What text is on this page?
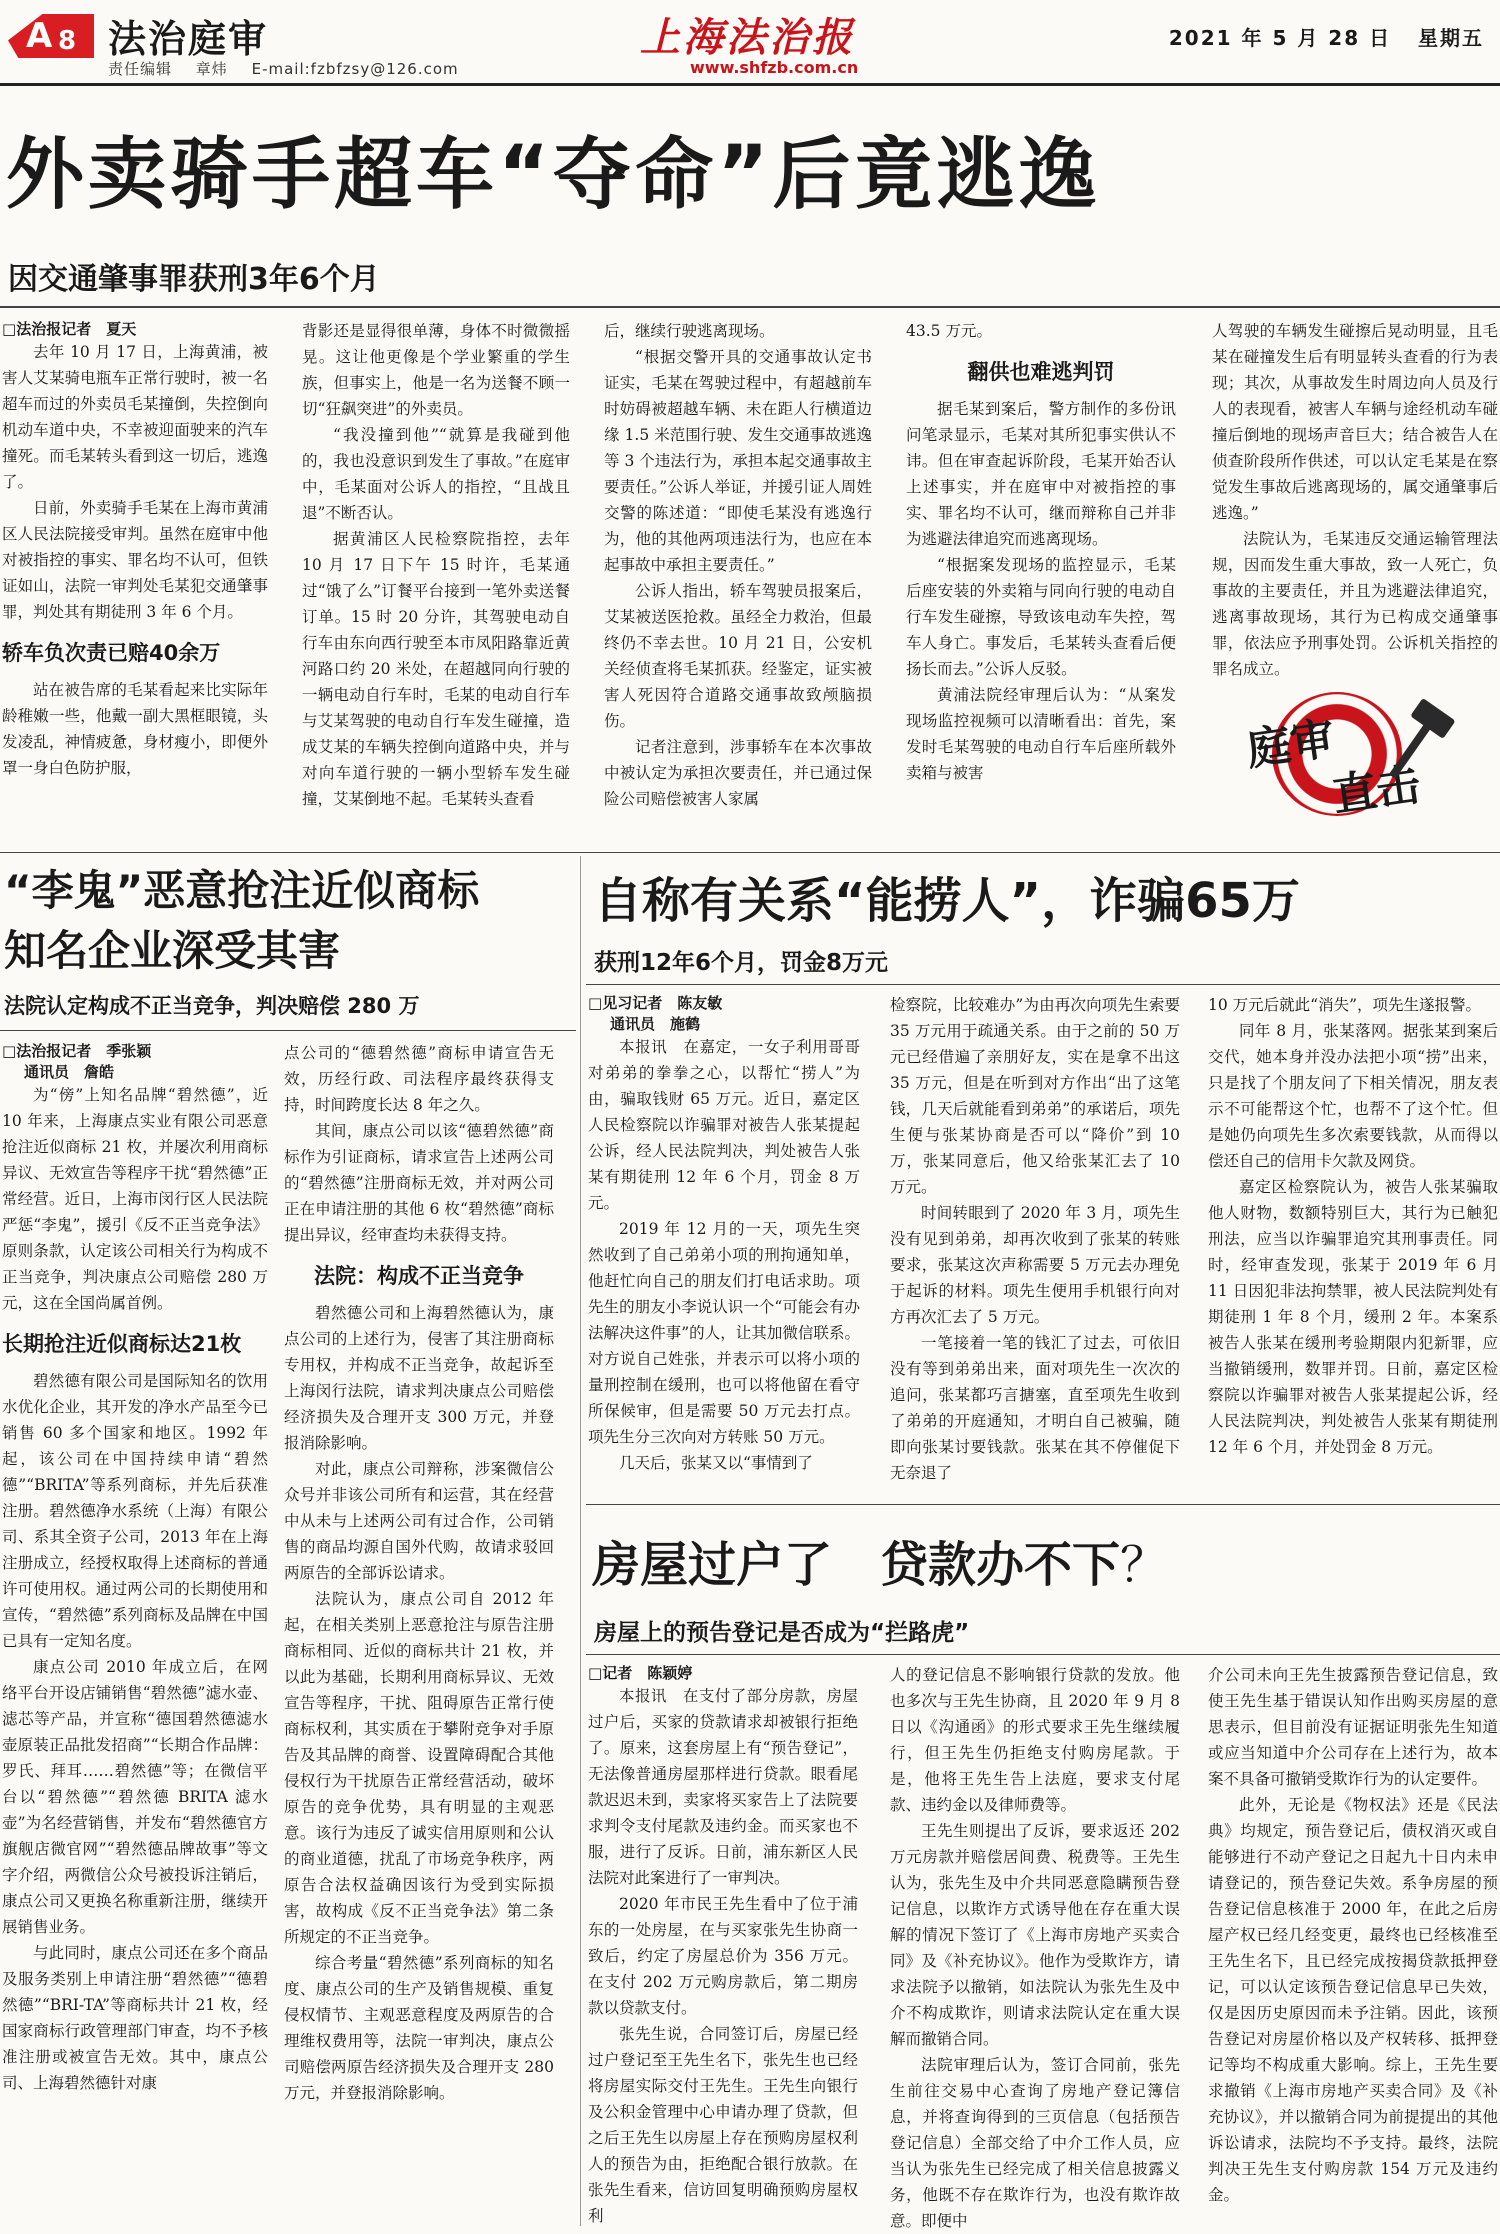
A 8 法治庭审
责任编辑 章炜 E-mail:fzbfzsy@126.com
上海法治报
www.shfzb.com.cn
2021 年 5 月 28 日 星期五
外卖骑手超车“夺命”后竟逃逸
因交通肇事罪获刑3年6个月

□ 法治报记者　夏天

去年 10 月 17 日，上海黄浦，被害人艾某骑电瓶车正常行驶时，被一名超车而过的外卖员毛某撞倒，失控倒向机动车道中央，不幸被迎面驶来的汽车撞死。而毛某转头看到这一切后，逃逸了。

日前，外卖骑手毛某在上海市黄浦区人民法院接受审判。虽然在庭审中他对被指控的事实、罪名均不认可，但铁证如山，法院一审判处毛某犯交通肇事罪，判处其有期徒刑 3 年 6 个月。

轿车负次责已赔40余万

站在被告席的毛某看起来比实际年龄稚嫩一些，他戴一副大黑框眼镜，头发凌乱，神情疲惫，身材瘦小，即便外罩一身白色防护服，

背影还是显得很单薄，身体不时微微摇晃。这让他更像是个学业繁重的学生族，但事实上，他是一名为送餐不顾一切“狂飙突进”的外卖员。

“我没撞到他”“就算是我碰到他的，我也没意识到发生了事故。”在庭审中，毛某面对公诉人的指控，“且战且退”不断否认。

据黄浦区人民检察院指控，去年 10 月 17 日下午 15 时许，毛某通过“饿了么”订餐平台接到一笔外卖送餐订单。15 时 20 分许，其驾驶电动自行车由东向西行驶至本市凤阳路靠近黄河路口约 20 米处，在超越同向行驶的一辆电动自行车时，毛某的电动自行车与艾某驾驶的电动自行车发生碰撞，造成艾某的车辆失控倒向道路中央，并与对向车道行驶的一辆小型轿车发生碰撞，艾某倒地不起。毛某转头查看

后，继续行驶逃离现场。

“根据交警开具的交通事故认定书证实，毛某在驾驶过程中，有超越前车时妨碍被超越车辆、未在距人行横道边缘 1.5 米范围行驶、发生交通事故逃逸等 3 个违法行为，承担本起交通事故主要责任。”公诉人举证，并援引证人周姓交警的陈述道：“即使毛某没有逃逸行为，他的其他两项违法行为，也应在本起事故中承担主要责任。”

公诉人指出，轿车驾驶员报案后，艾某被送医抢救。虽经全力救治，但最终仍不幸去世。10 月 21 日，公安机关经侦查将毛某抓获。经鉴定，证实被害人死因符合道路交通事故致颅脑损伤。

记者注意到，涉事轿车在本次事故中被认定为承担次要责任，并已通过保险公司赔偿被害人家属

43.5 万元。

翻供也难逃判罚

据毛某到案后，警方制作的多份讯问笔录显示，毛某对其所犯事实供认不讳。但在审查起诉阶段，毛某开始否认上述事实，并在庭审中对被指控的事实、罪名均不认可，继而辩称自己并非为逃避法律追究而逃离现场。

“根据案发现场的监控显示，毛某后座安装的外卖箱与同向行驶的电动自行车发生碰擦，导致该电动车失控，驾车人身亡。事发后，毛某转头查看后便扬长而去。”公诉人反驳。

黄浦法院经审理后认为：“从案发现场监控视频可以清晰看出：首先，案发时毛某驾驶的电动自行车后座所载外卖箱与被害

人驾驶的车辆发生碰擦后晃动明显，且毛某在碰撞发生后有明显转头查看的行为表现；其次，从事故发生时周边向人员及行人的表现看，被害人车辆与途经机动车碰撞后倒地的现场声音巨大；结合被告人在侦查阶段所作供述，可以认定毛某是在察觉发生事故后逃离现场的，属交通肇事后逃逸。”

法院认为，毛某违反交通运输管理法规，因而发生重大事故，致一人死亡，负事故的主要责任，并且为逃避法律追究，逃离事故现场，其行为已构成交通肇事罪，依法应予刑事处罚。公诉机关指控的罪名成立。

庭审
直击
“李鬼”恶意抢注近似商标
知名企业深受其害
法院认定构成不正当竞争，判决赔偿 280 万

□ 法治报记者　季张颖

通讯员　詹皓

为“傍”上知名品牌“碧然德”，近 10 年来，上海康点实业有限公司恶意抢注近似商标 21 枚，并屡次利用商标异议、无效宣告等程序干扰“碧然德”正常经营。近日，上海市闵行区人民法院严惩“李鬼”，援引《反不正当竞争法》原则条款，认定该公司相关行为构成不正当竞争，判决康点公司赔偿 280 万元，这在全国尚属首例。

长期抢注近似商标达21枚

碧然德有限公司是国际知名的饮用水优化企业，其开发的净水产品至今已销售 60 多个国家和地区。1992 年起，该公司在中国持续申请“碧然德”“BRITA”等系列商标，并先后获准注册。碧然德净水系统（上海）有限公司、系其全资子公司，2013 年在上海注册成立，经授权取得上述商标的普通许可使用权。通过两公司的长期使用和宣传，“碧然德”系列商标及品牌在中国已具有一定知名度。

康点公司 2010 年成立后，在网络平台开设店铺销售“碧然德”滤水壶、滤芯等产品，并宣称“德国碧然德滤水壶原装正品批发招商”“长期合作品牌：罗氏、拜耳……碧然德”等；在微信平台以“碧然德”“碧然德 BRITA 滤水壶”为名经营销售，并发布“碧然德官方旗舰店微官网”“碧然德品牌故事”等文字介绍，两微信公众号被投诉注销后，康点公司又更换名称重新注册，继续开展销售业务。

与此同时，康点公司还在多个商品及服务类别上申请注册“碧然德”“德碧然德”“BRI-TA”等商标共计 21 枚，经国家商标行政管理部门审查，均不予核准注册或被宣告无效。其中，康点公司、上海碧然德针对康

点公司的“德碧然德”商标申请宣告无效，历经行政、司法程序最终获得支持，时间跨度长达 8 年之久。

其间，康点公司以该“德碧然德”商标作为引证商标，请求宣告上述两公司的“碧然德”注册商标无效，并对两公司正在申请注册的其他 6 枚“碧然德”商标提出异议，经审查均未获得支持。

法院：构成不正当竞争

碧然德公司和上海碧然德认为，康点公司的上述行为，侵害了其注册商标专用权，并构成不正当竞争，故起诉至上海闵行法院，请求判决康点公司赔偿经济损失及合理开支 300 万元，并登报消除影响。

对此，康点公司辩称，涉案微信公众号并非该公司所有和运营，其在经营中从未与上述两公司有过合作，公司销售的商品均源自国外代购，故请求驳回两原告的全部诉讼请求。

法院认为，康点公司自 2012 年起，在相关类别上恶意抢注与原告注册商标相同、近似的商标共计 21 枚，并以此为基础，长期利用商标异议、无效宣告等程序，干扰、阻碍原告正常行使商标权利，其实质在于攀附竞争对手原告及其品牌的商誉、设置障碍配合其他侵权行为干扰原告正常经营活动，破坏原告的竞争优势，具有明显的主观恶意。该行为违反了诚实信用原则和公认的商业道德，扰乱了市场竞争秩序，两原告合法权益确因该行为受到实际损害，故构成《反不正当竞争法》第二条所规定的不正当竞争。

综合考量“碧然德”系列商标的知名度、康点公司的生产及销售规模、重复侵权情节、主观恶意程度及两原告的合理维权费用等，法院一审判决，康点公司赔偿两原告经济损失及合理开支 280 万元，并登报消除影响。

自称有关系“能捞人”，诈骗65万
获刑12年6个月，罚金8万元

□ 见习记者　陈友敏

通讯员　施鹤

本报讯　在嘉定，一女子利用哥哥对弟弟的拳拳之心，以帮忙“捞人”为由，骗取钱财 65 万元。近日，嘉定区人民检察院以诈骗罪对被告人张某提起公诉，经人民法院判决，判处被告人张某有期徒刑 12 年 6 个月，罚金 8 万元。

2019 年 12 月的一天，项先生突然收到了自己弟弟小项的刑拘通知单，他赶忙向自己的朋友们打电话求助。项先生的朋友小李说认识一个“可能会有办法解决这件事”的人，让其加微信联系。对方说自己姓张，并表示可以将小项的量刑控制在缓刑，也可以将他留在看守所保候审，但是需要 50 万元去打点。项先生分三次向对方转账 50 万元。

几天后，张某又以“事情到了

检察院，比较难办”为由再次向项先生索要 35 万元用于疏通关系。由于之前的 50 万元已经借遍了亲朋好友，实在是拿不出这 35 万元，但是在听到对方作出“出了这笔钱，几天后就能看到弟弟”的承诺后，项先生便与张某协商是否可以“降价”到 10 万，张某同意后，他又给张某汇去了 10 万元。

时间转眼到了 2020 年 3 月，项先生没有见到弟弟，却再次收到了张某的转账要求，张某这次声称需要 5 万元去办理免于起诉的材料。项先生便用手机银行向对方再次汇去了 5 万元。

一笔接着一笔的钱汇了过去，可依旧没有等到弟弟出来，面对项先生一次次的追问，张某都巧言搪塞，直至项先生收到了弟弟的开庭通知，才明白自己被骗，随即向张某讨要钱款。张某在其不停催促下无奈退了

10 万元后就此“消失”，项先生遂报警。

同年 8 月，张某落网。据张某到案后交代，她本身并没办法把小项“捞”出来，只是找了个朋友问了下相关情况，朋友表示不可能帮这个忙，也帮不了这个忙。但是她仍向项先生多次索要钱款，从而得以偿还自己的信用卡欠款及网贷。

嘉定区检察院认为，被告人张某骗取他人财物，数额特别巨大，其行为已触犯刑法，应当以诈骗罪追究其刑事责任。同时，经审查发现，张某于 2019 年 6 月 11 日因犯非法拘禁罪，被人民法院判处有期徒刑 1 年 8 个月，缓刑 2 年。本案系被告人张某在缓刑考验期限内犯新罪，应当撤销缓刑，数罪并罚。日前，嘉定区检察院以诈骗罪对被告人张某提起公诉，经人民法院判决，判处被告人张某有期徒刑 12 年 6 个月，并处罚金 8 万元。

房屋过户了　贷款办不下？
房屋上的预告登记是否成为“拦路虎”

□ 记者　陈颖婷

本报讯　在支付了部分房款，房屋过户后，买家的贷款请求却被银行拒绝了。原来，这套房屋上有“预告登记”，无法像普通房屋那样进行贷款。眼看尾款迟迟未到，卖家将买家告上了法院要求判令支付尾款及违约金。而买家也不服，进行了反诉。日前，浦东新区人民法院对此案进行了一审判决。

2020 年市民王先生看中了位于浦东的一处房屋，在与买家张先生协商一致后，约定了房屋总价为 356 万元。在支付 202 万元购房款后，第二期房款以贷款支付。

张先生说，合同签订后，房屋已经过户登记至王先生名下，张先生也已经将房屋实际交付王先生。王先生向银行及公积金管理中心申请办理了贷款，但之后王先生以房屋上存在预购房屋权利人的预告为由，拒绝配合银行放款。在张先生看来，信访回复明确预购房屋权利

人的登记信息不影响银行贷款的发放。他也多次与王先生协商，且 2020 年 9 月 8 日以《沟通函》的形式要求王先生继续履行，但王先生仍拒绝支付购房尾款。于是，他将王先生告上法庭，要求支付尾款、违约金以及律师费等。

王先生则提出了反诉，要求返还 202 万元房款并赔偿居间费、税费等。王先生认为，张先生及中介共同恶意隐瞒预告登记信息，以欺诈方式诱导他在存在重大误解的情况下签订了《上海市房地产买卖合同》及《补充协议》。他作为受欺诈方，请求法院予以撤销，如法院认为张先生及中介不构成欺诈，则请求法院认定在重大误解而撤销合同。

法院审理后认为，签订合同前，张先生前往交易中心查询了房地产登记簿信息，并将查询得到的三页信息（包括预告登记信息）全部交给了中介工作人员，应当认为张先生已经完成了相关信息披露义务，他既不存在欺诈行为，也没有欺诈故意。即便中

介公司未向王先生披露预告登记信息，致使王先生基于错误认知作出购买房屋的意思表示，但目前没有证据证明张先生知道或应当知道中介公司存在上述行为，故本案不具备可撤销受欺诈行为的认定要件。

此外，无论是《物权法》还是《民法典》均规定，预告登记后，债权消灭或自能够进行不动产登记之日起九十日内未申请登记的，预告登记失效。系争房屋的预告登记信息核准于 2000 年，在此之后房屋产权已经几经变更，最终也已经核准至王先生名下，且已经完成按揭贷款抵押登记，可以认定该预告登记信息早已失效，仅是因历史原因而未予注销。因此，该预告登记对房屋价格以及产权转移、抵押登记等均不构成重大影响。综上，王先生要求撤销《上海市房地产买卖合同》及《补充协议》，并以撤销合同为前提提出的其他诉讼请求，法院均不予支持。最终，法院判决王先生支付购房款 154 万元及违约金。
